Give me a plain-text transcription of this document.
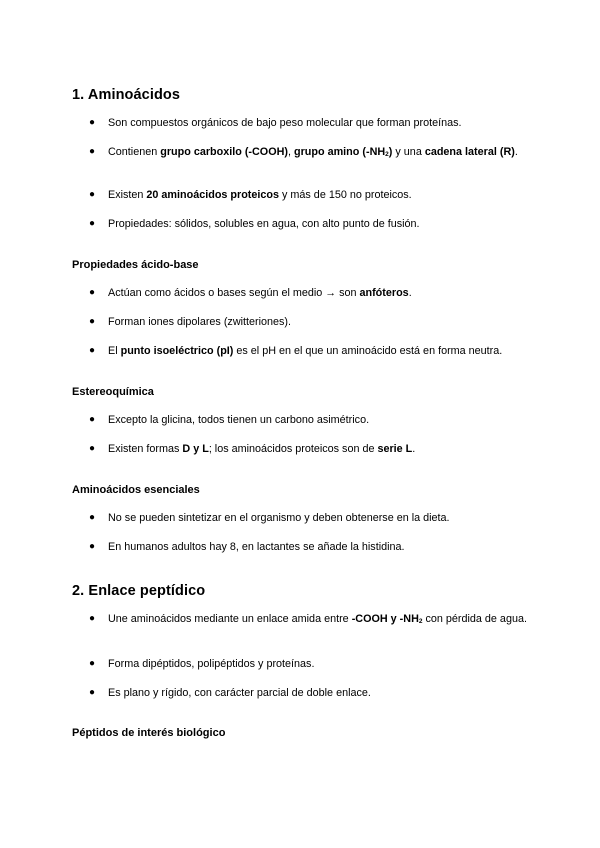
1. Aminoácidos
● Son compuestos orgánicos de bajo peso molecular que forman proteínas.
● Contienen grupo carboxilo (-COOH), grupo amino $(-NH_2)$ y una cadena lateral (R).
● Existen 20 aminoácidos proteicos y más de 150 no proteicos.
● Propiedades: sólidos, solubles en agua, con alto punto de fusión.
Propiedades ácido-base
● Actúan como ácidos o bases según el medio → son anfóteros.
● Forman iones dipolares (zwitteriones).
● El punto isoeléctrico (pI) es el pH en el que un aminoácido está en forma neutra.
Estereoquímica
● Excepto la glicina, todos tienen un carbono asimétrico.
● Existen formas D y L; los aminoácidos proteicos son de serie L.
Aminoácidos esenciales
● No se pueden sintetizar en el organismo y deben obtenerse en la dieta.
● En humanos adultos hay 8, en lactantes se añade la histidina.
2. Enlace peptídico
● Une aminoácidos mediante un enlace amida entre -COOH y $-NH_2$ con pérdida de agua.
● Forma dipéptidos, polipéptidos y proteínas.
● Es plano y rígido, con carácter parcial de doble enlace.
Péptidos de interés biológico
